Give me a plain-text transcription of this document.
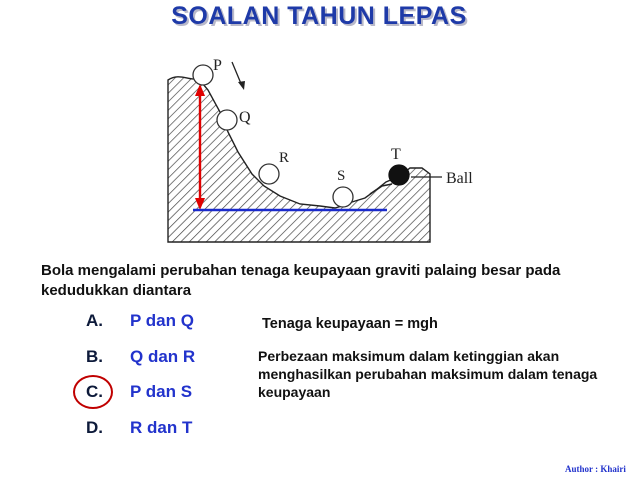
SOALAN TAHUN LEPAS
P
Q
R
S
T
Ball
Bola mengalami perubahan tenaga keupayaan graviti palaing besar pada kedudukkan diantara
A. P dan Q
B. Q dan R
C. P dan S
D. R dan T
Tenaga keupayaan = mgh
Perbezaan maksimum dalam ketinggian akan menghasilkan perubahan maksimum dalam tenaga keupayaan
Author : Khairi
